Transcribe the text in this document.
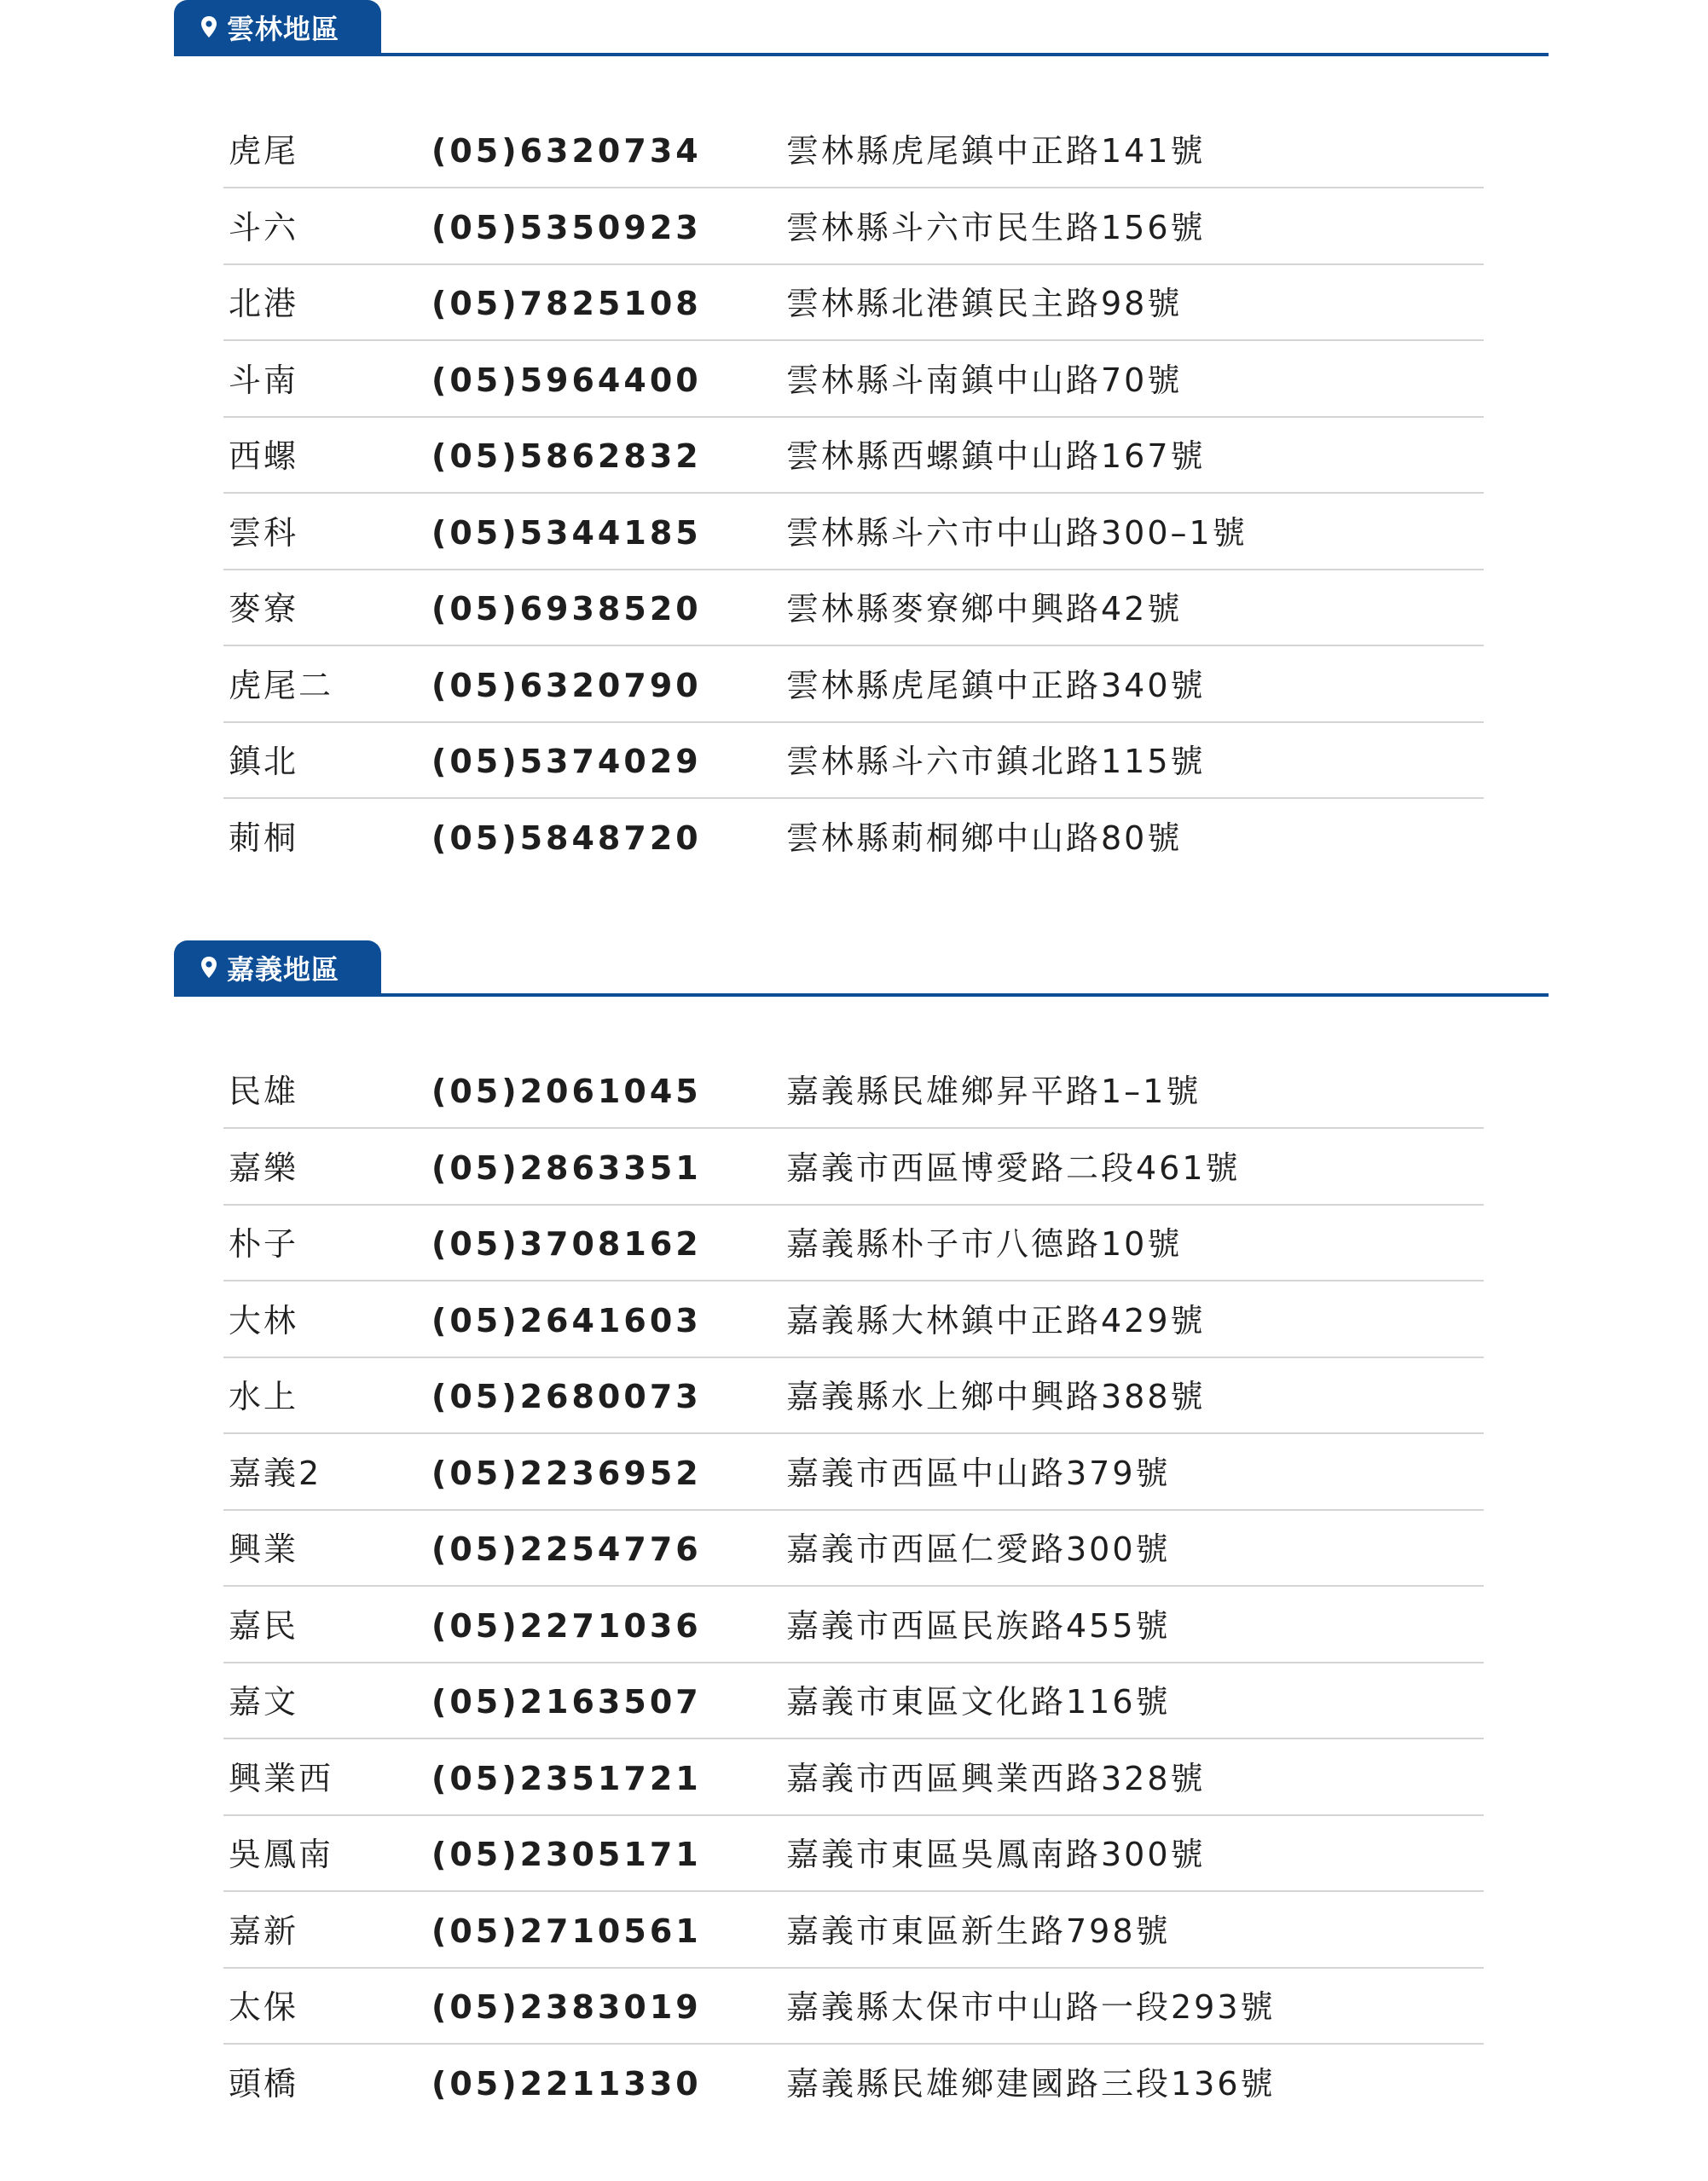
雲林地區
虎尾	(05)6320734	雲林縣虎尾鎮中正路141號
斗六	(05)5350923	雲林縣斗六市民生路156號
北港	(05)7825108	雲林縣北港鎮民主路98號
斗南	(05)5964400	雲林縣斗南鎮中山路70號
西螺	(05)5862832	雲林縣西螺鎮中山路167號
雲科	(05)5344185	雲林縣斗六市中山路300–1號
麥寮	(05)6938520	雲林縣麥寮鄉中興路42號
虎尾二	(05)6320790	雲林縣虎尾鎮中正路340號
鎮北	(05)5374029	雲林縣斗六市鎮北路115號
莿桐	(05)5848720	雲林縣莿桐鄉中山路80號
嘉義地區
民雄	(05)2061045	嘉義縣民雄鄉昇平路1–1號
嘉樂	(05)2863351	嘉義市西區博愛路二段461號
朴子	(05)3708162	嘉義縣朴子市八德路10號
大林	(05)2641603	嘉義縣大林鎮中正路429號
水上	(05)2680073	嘉義縣水上鄉中興路388號
嘉義2	(05)2236952	嘉義市西區中山路379號
興業	(05)2254776	嘉義市西區仁愛路300號
嘉民	(05)2271036	嘉義市西區民族路455號
嘉文	(05)2163507	嘉義市東區文化路116號
興業西	(05)2351721	嘉義市西區興業西路328號
吳鳳南	(05)2305171	嘉義市東區吳鳳南路300號
嘉新	(05)2710561	嘉義市東區新生路798號
太保	(05)2383019	嘉義縣太保市中山路一段293號
頭橋	(05)2211330	嘉義縣民雄鄉建國路三段136號
